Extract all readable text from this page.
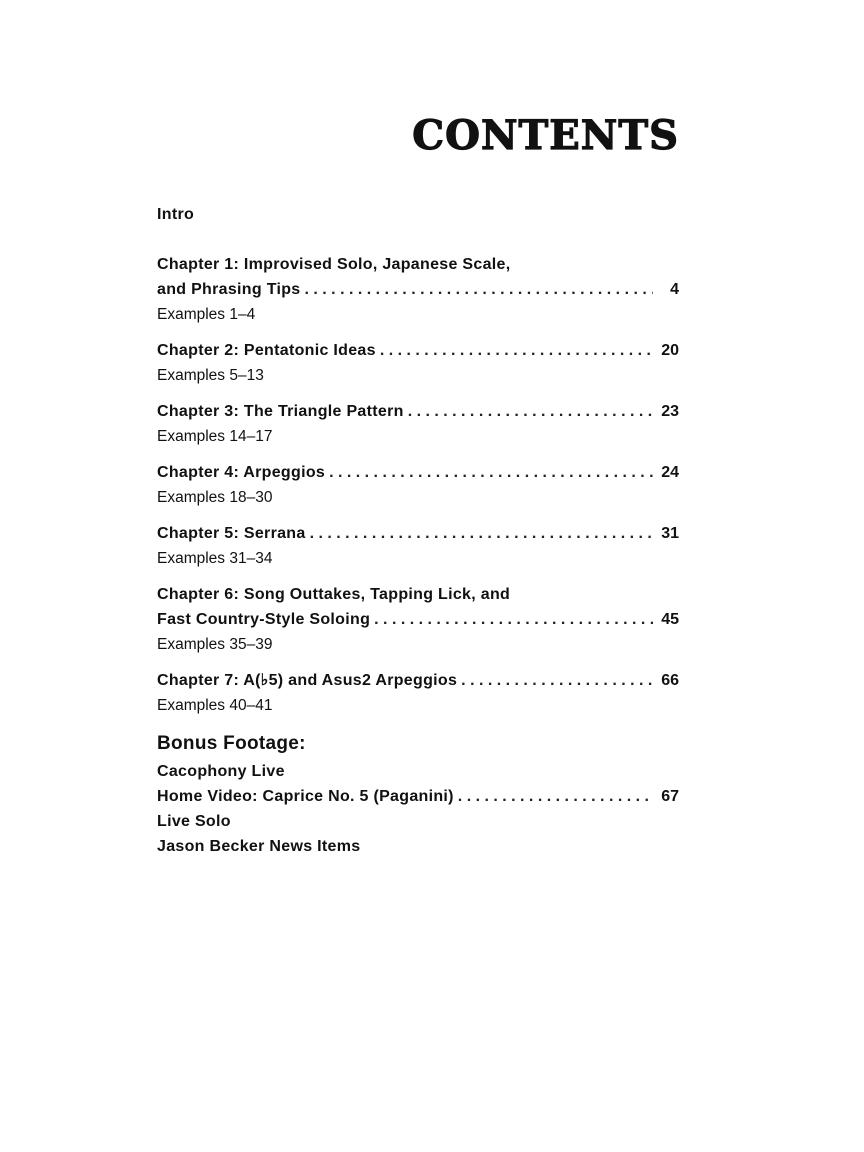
CONTENTS
Intro
Chapter 1: Improvised Solo, Japanese Scale,
and Phrasing Tips . . .	4
Examples 1–4
Chapter 2: Pentatonic Ideas . . .	20
Examples 5–13
Chapter 3: The Triangle Pattern . . .	23
Examples 14–17
Chapter 4: Arpeggios . . .	24
Examples 18–30
Chapter 5: Serrana . . .	31
Examples 31–34
Chapter 6: Song Outtakes, Tapping Lick, and
Fast Country-Style Soloing . . .	45
Examples 35–39
Chapter 7: A(♭5) and Asus2 Arpeggios . . .	66
Examples 40–41
Bonus Footage:
Cacophony Live
Home Video: Caprice No. 5 (Paganini) . . .	67
Live Solo
Jason Becker News Items
